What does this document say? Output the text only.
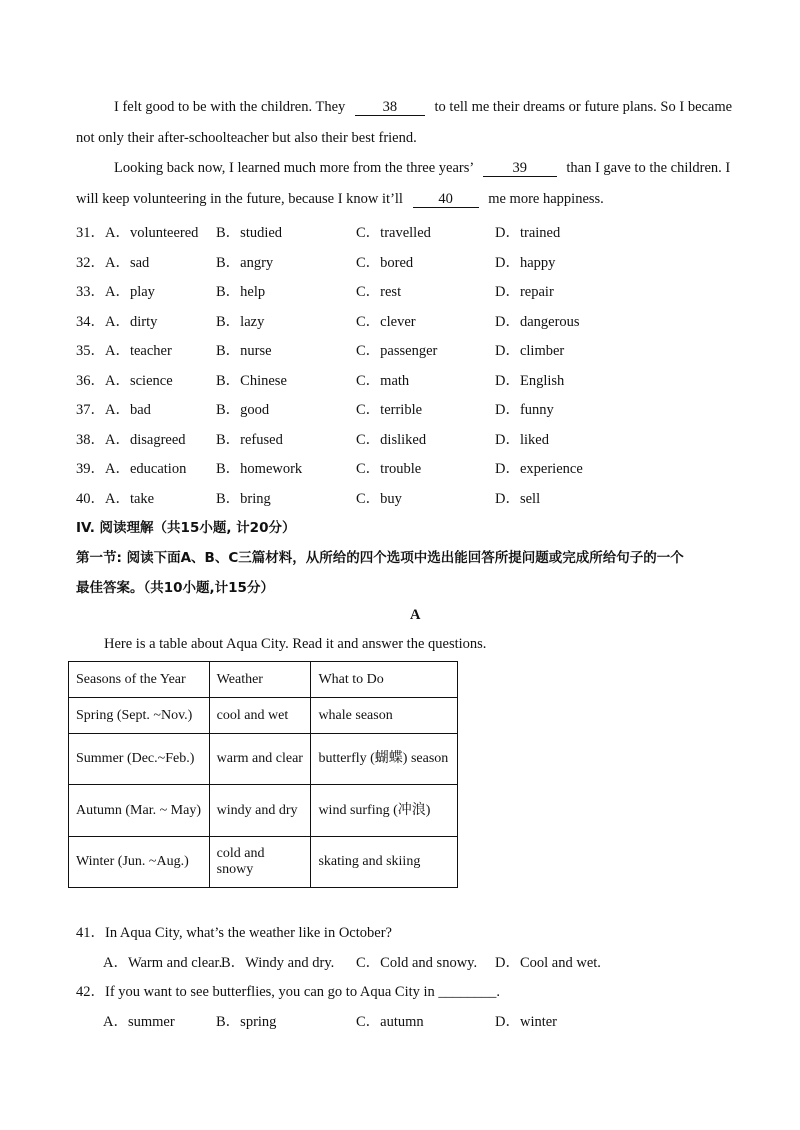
I felt good to be with the children. They	38	to tell me their dreams or future plans. So I became
not only their after-schoolteacher but also their best friend.
Looking back now, I learned much more from the three years’	39	than I gave to the children. I
will keep volunteering in the future, because I know it’ll 40 me more happiness.
31．A．volunteered B．studied	C．travelled	D．trained
32．A．sad	B．angry	C．bored	D．happy
33．A．play	B．help	C．rest	D．repair
34．A．dirty	B．lazy	C．clever	D．dangerous
35．A．teacher	B．nurse	C．passenger	D．climber
36．A．science	B．Chinese	C．math	D．English
37．A．bad	B．good	C．terrible	D．funny
38．A．disagreed B．refused	C．disliked	D．liked
39．A．education B．homework	C．trouble	D．experience
40．A．take	B．bring	C．buy	D．sell
IV. 阅读理解（共15小题, 计20分）
第一节: 阅读下面A、B、C三篇材料，从所给的四个选项中选出能回答所提问题或完成所给句子的一个
最佳答案。（共10小题,计15分）
A
Here is a table about Aqua City. Read it and answer the questions.
Seasons of the Year	Weather	What to Do
Spring (Sept. ~Nov.)	cool and wet	whale season
Summer (Dec.~Feb.)	warm and clear	butterfly (蝴蝶) season
Autumn (Mar. ~ May)	windy and dry	wind surfing (冲浪)
Winter (Jun. ~Aug.)	cold and snowy	skating and skiing
41．In Aqua City, what’s the weather like in October?
A．Warm and clear.
B．Windy and dry. C．Cold and snowy. D．Cool and wet.
42．If you want to see butterflies, you can go to Aqua City in ________.
A．summer	B．spring	C．autumn	D．winter
